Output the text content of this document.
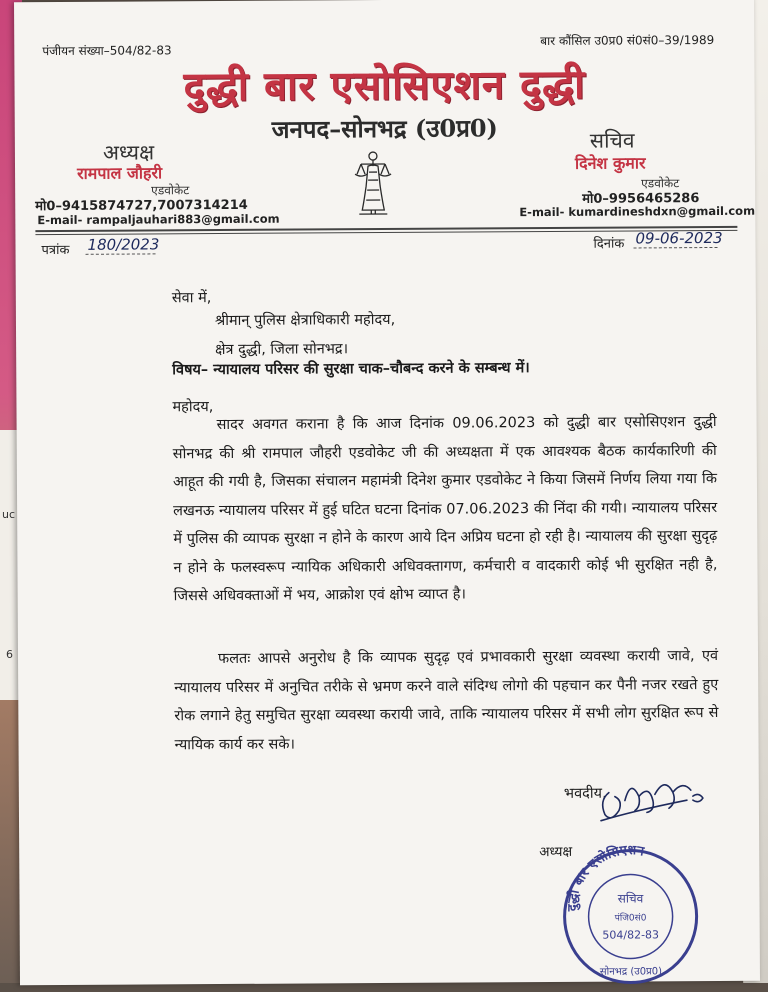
uc
6
पंजीयन संख्या–504/82-83
बार कौंसिल उ0प्र0 सं0सं0–39/1989
दुद्धी बार एसोसिएशन दुद्धी
जनपद–सोनभद्र (उ0प्र0)
अध्यक्ष
रामपाल जौहरी
एडवोकेट
मो0–9415874727,7007314214
E-mail- rampaljauhari883@gmail.com
सचिव
दिनेश कुमार
एडवोकेट
मो0–9956465286
E-mail- kumardineshdxn@gmail.com
पत्रांक 180/2023	दिनांक 09-06-2023
सेवा में,
श्रीमान् पुलिस क्षेत्राधिकारी महोदय,
क्षेत्र दुद्धी, जिला सोनभद्र।
विषय– न्यायालय परिसर की सुरक्षा चाक–चौबन्द करने के सम्बन्ध में।
महोदय,
सादर अवगत कराना है कि आज दिनांक 09.06.2023 को दुद्धी बार एसोसिएशन दुद्धी सोनभद्र की श्री रामपाल जौहरी एडवोकेट जी की अध्यक्षता में एक आवश्यक बैठक कार्यकारिणी की आहूत की गयी है, जिसका संचालन महामंत्री दिनेश कुमार एडवोकेट ने किया जिसमें निर्णय लिया गया कि लखनऊ न्यायालय परिसर में हुई घटित घटना दिनांक 07.06.2023 की निंदा की गयी। न्यायालय परिसर में पुलिस की व्यापक सुरक्षा न होने के कारण आये दिन अप्रिय घटना हो रही है। न्यायालय की सुरक्षा सुदृढ़ न होने के फलस्वरूप न्यायिक अधिकारी अधिवक्तागण, कर्मचारी व वादकारी कोई भी सुरक्षित नही है, जिससे अधिवक्ताओं में भय, आक्रोश एवं क्षोभ व्याप्त है।
फलतः आपसे अनुरोध है कि व्यापक सुदृढ़ एवं प्रभावकारी सुरक्षा व्यवस्था करायी जावे, एवं न्यायालय परिसर में अनुचित तरीके से भ्रमण करने वाले संदिग्ध लोगो की पहचान कर पैनी नजर रखते हुए रोक लगाने हेतु समुचित सुरक्षा व्यवस्था करायी जावे, ताकि न्यायालय परिसर में सभी लोग सुरक्षित रूप से न्यायिक कार्य कर सके।
भवदीय,
अध्यक्ष
दुद्धी बार एसोसिएशन
सचिव
पंजि0सं0
504/82-83
सोनभद्र (उ0प्र0)
